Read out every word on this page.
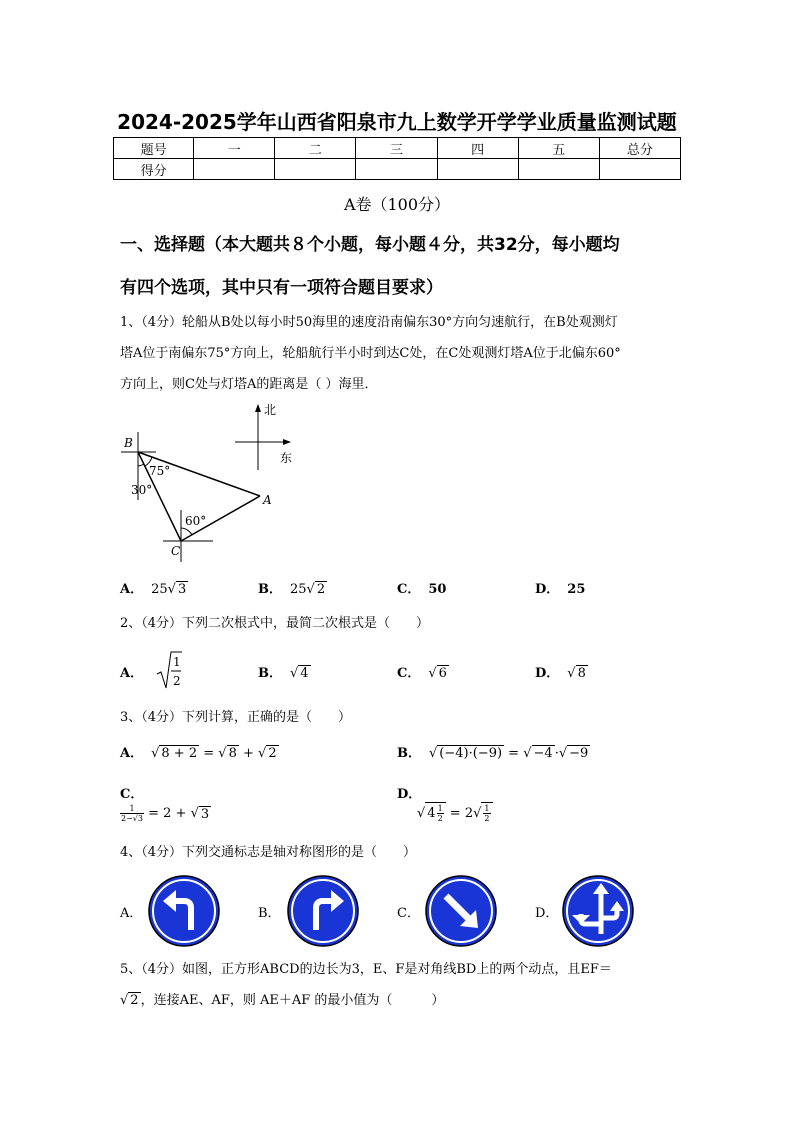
2024-2025学年山西省阳泉市九上数学开学学业质量监测试题
题号	一	二	三	四	五	总分
得分						
A卷（100分）
一、选择题（本大题共８个小题，每小题４分，共32分，每小题均
有四个选项，其中只有一项符合题目要求）
1、（4分）轮船从B处以每小时50海里的速度沿南偏东30°方向匀速航行，在B处观测灯
塔A位于南偏东75°方向上，轮船航行半小时到达C处，在C处观测灯塔A位于北偏东60°
方向上，则C处与灯塔A的距离是（ ）海里．
北
东
B
A
C
75°
30°
60°
A． 25√ 3	B． 25√ 2	C． 50	D． 25
2、（4分）下列二次根式中，最简二次根式是（　　）
A．
1
2	B． √ 4	C． √ 6	D． √ 8
3、（4分）下列计算，正确的是（　　）
A． √ 8 + 2 = √ 8 + √ 2	B． √ (−4)·(−9) = √ −4 ·√ −9
C．
$\frac{1}{2-√3} = 2$ + √ 3
D．
√ $4 \frac{1}{2} = 2$ √ $\frac{1}{2}$
4、（4分）下列交通标志是轴对称图形的是（　　）
A．	B．	C．	D．
5、（4分）如图，正方形ABCD的边长为3，E、F是对角线BD上的两个动点，且EF＝
√ 2 ，连接AE、AF，则 AE＋AF 的最小值为（　　　）
